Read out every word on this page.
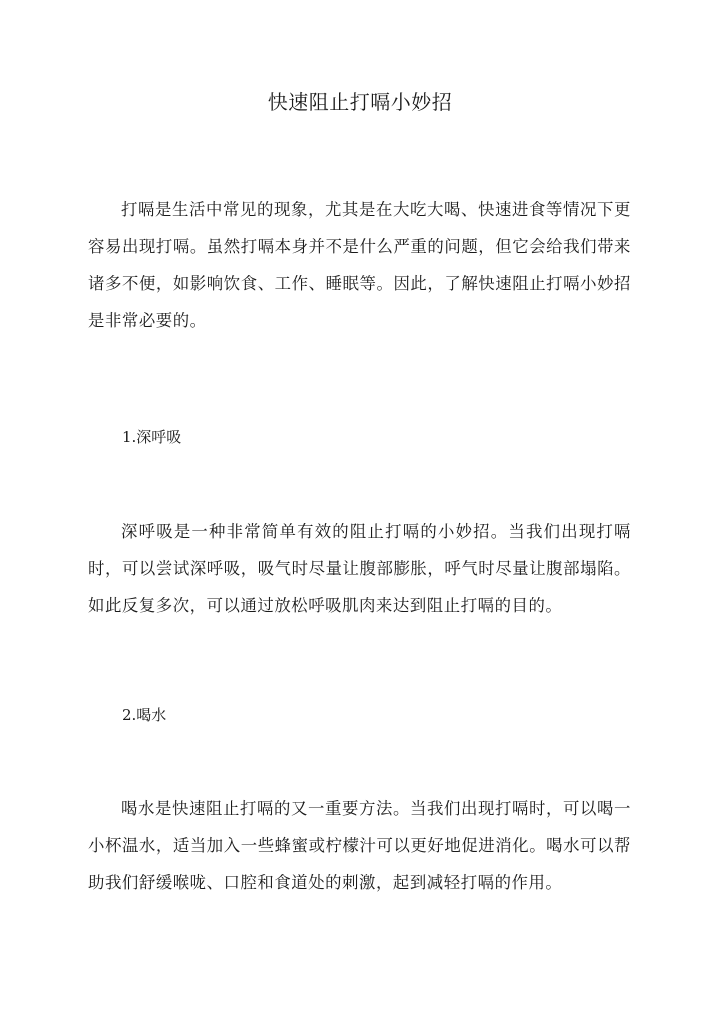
快速阻止打嗝小妙招

打嗝是生活中常见的现象，尤其是在大吃大喝、快速进食等情况下更容易出现打嗝。虽然打嗝本身并不是什么严重的问题，但它会给我们带来诸多不便，如影响饮食、工作、睡眠等。因此，了解快速阻止打嗝小妙招是非常必要的。

1.深呼吸

深呼吸是一种非常简单有效的阻止打嗝的小妙招。当我们出现打嗝时，可以尝试深呼吸，吸气时尽量让腹部膨胀，呼气时尽量让腹部塌陷。如此反复多次，可以通过放松呼吸肌肉来达到阻止打嗝的目的。

2.喝水

喝水是快速阻止打嗝的又一重要方法。当我们出现打嗝时，可以喝一小杯温水，适当加入一些蜂蜜或柠檬汁可以更好地促进消化。喝水可以帮助我们舒缓喉咙、口腔和食道处的刺激，起到减轻打嗝的作用。
